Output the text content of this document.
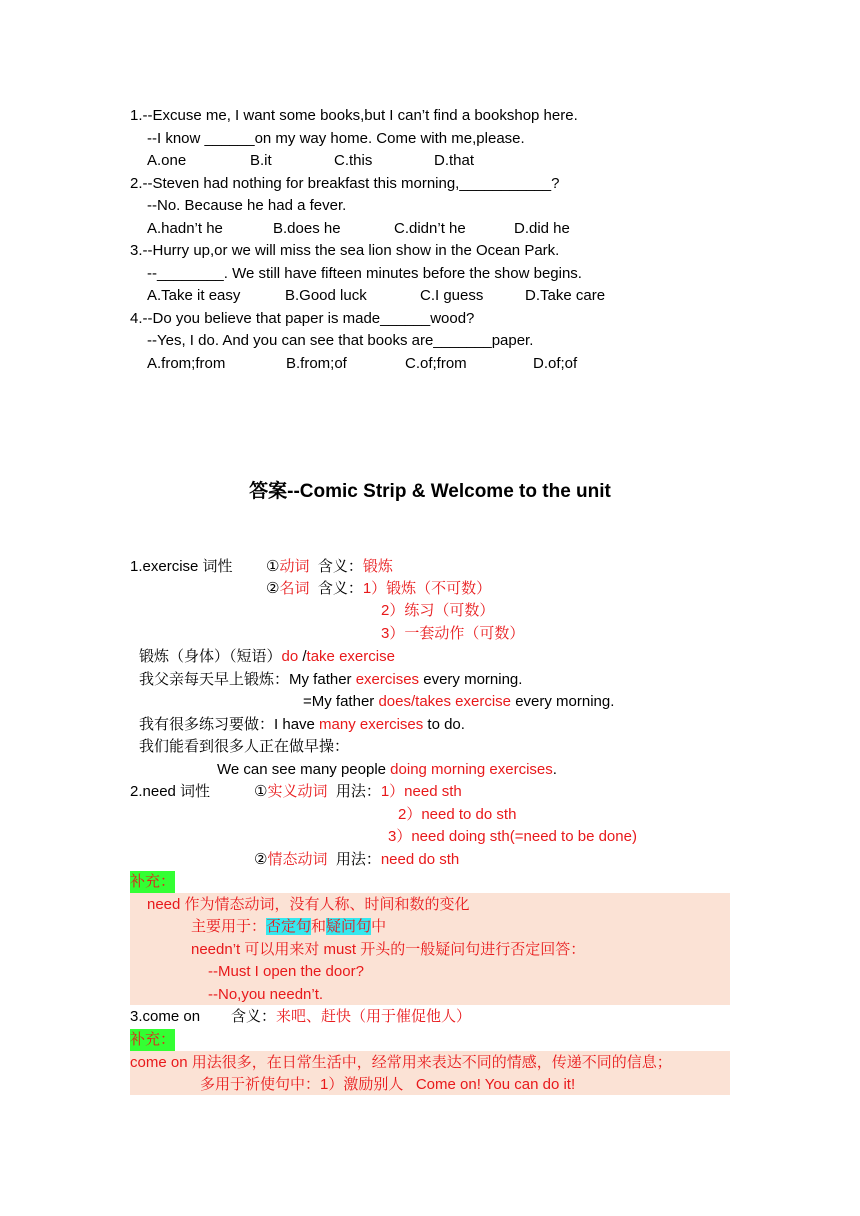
1.--Excuse me, I want some books,but I can’t find a bookshop here.
--I know ______on my way home. Come with me,please.
A.one	B.it	C.this	D.that
2.--Steven had nothing for breakfast this morning,___________?
--No. Because he had a fever.
A.hadn’t he	B.does he	C.didn’t he	D.did he
3.--Hurry up,or we will miss the sea lion show in the Ocean Park.
--________. We still have fifteen minutes before the show begins.
A.Take it easy	B.Good luck	C.I guess	D.Take care
4.--Do you believe that paper is made______wood?
--Yes, I do. And you can see that books are_______paper.
A.from;from	B.from;of	C.of;from	D.of;of
答案--Comic Strip & Welcome to the unit
1.exercise 词性 ①动词 含义：锻炼
②名词 含义：1）锻炼（不可数）
2）练习（可数）
3）一套动作（可数）
锻炼（身体）（短语）do /take exercise
我父亲每天早上锻炼：My father exercises every morning.
=My father does/takes exercise every morning.
我有很多练习要做：I have many exercises to do.
我们能看到很多人正在做早操：
We can see many people doing morning exercises.
2.need 词性	①实义动词 用法：1）need sth
2）need to do sth
3）need doing sth(=need to be done)
②情态动词 用法：need do sth
补充：
need 作为情态动词，没有人称、时间和数的变化
主要用于：否定句和疑问句中
needn’t 可以用来对 must 开头的一般疑问句进行否定回答：
--Must I open the door?
--No,you needn’t.
3.come on 含义：来吧、赶快（用于催促他人）
补充：
come on 用法很多，在日常生活中，经常用来表达不同的情感，传递不同的信息；
多用于祈使句中：1）激励别人   Come on! You can do it!
